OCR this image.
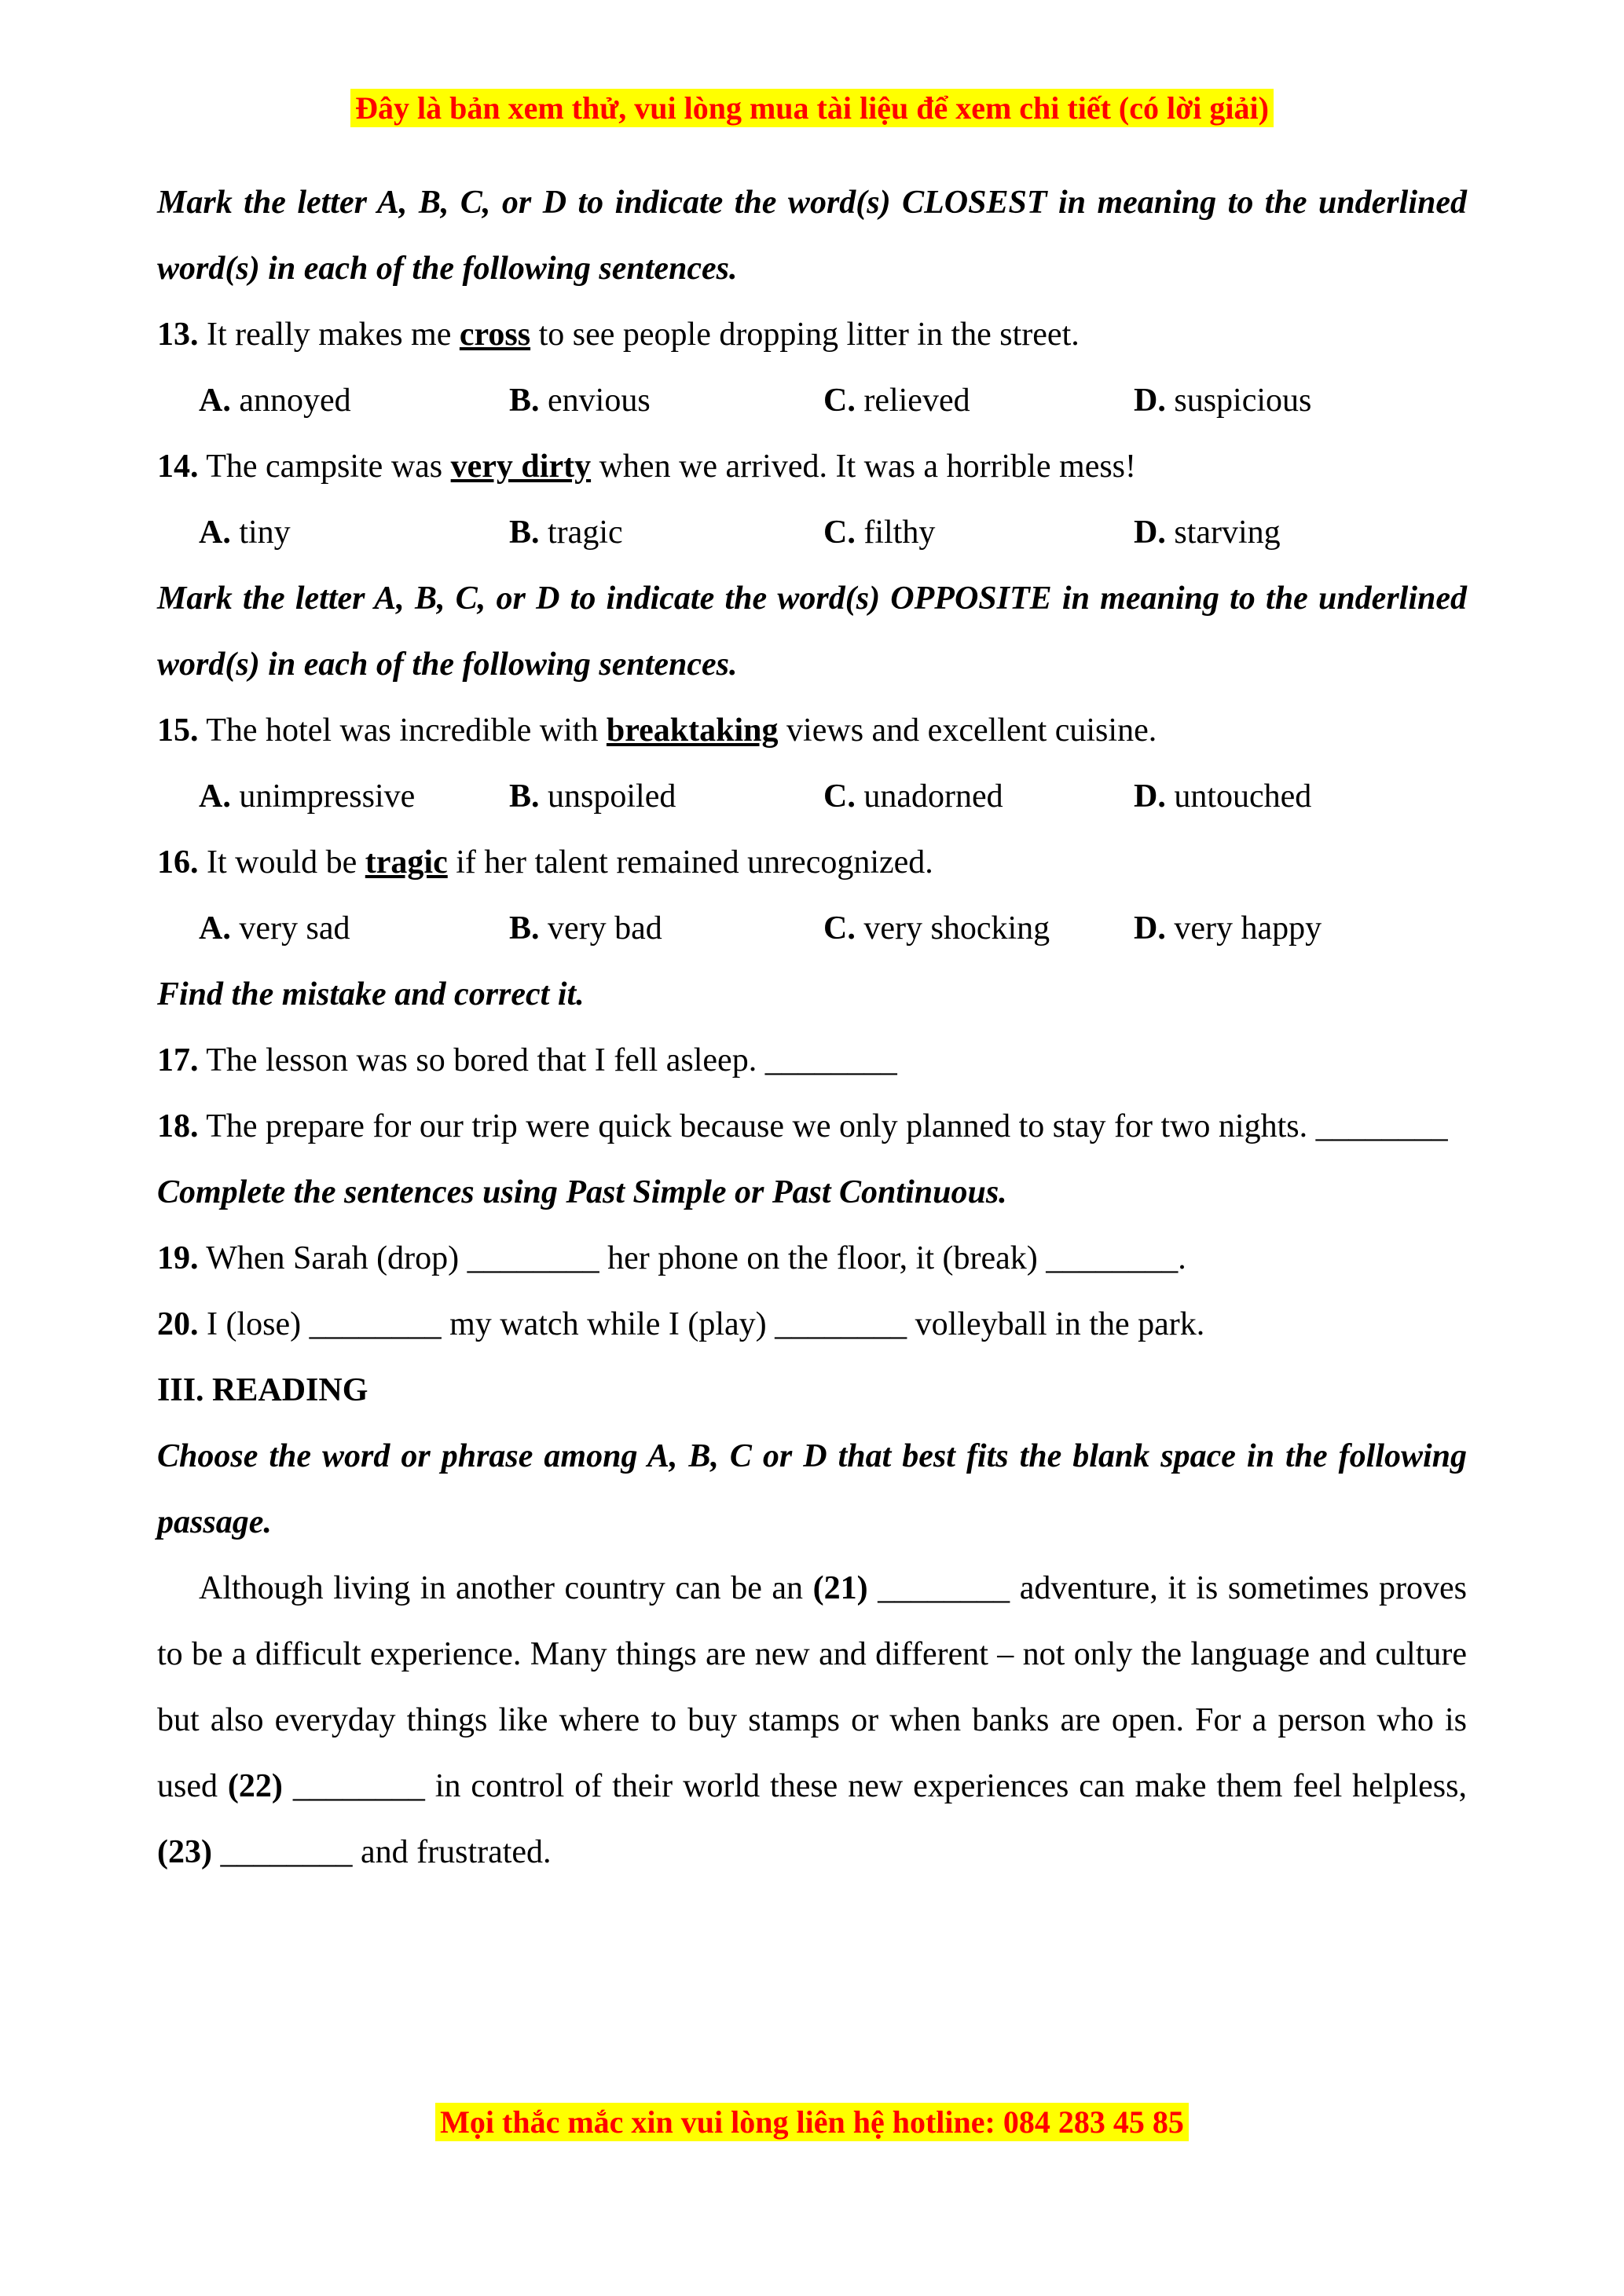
Đây là bản xem thử, vui lòng mua tài liệu để xem chi tiết (có lời giải)

Mark the letter A, B, C, or D to indicate the word(s) CLOSEST in meaning to the underlined word(s) in each of the following sentences.

13. It really makes me cross to see people dropping litter in the street.

A. annoyed	B. envious	C. relieved	D. suspicious

14. The campsite was very dirty when we arrived. It was a horrible mess!

A. tiny	B. tragic	C. filthy	D. starving

Mark the letter A, B, C, or D to indicate the word(s) OPPOSITE in meaning to the underlined word(s) in each of the following sentences.

15. The hotel was incredible with breaktaking views and excellent cuisine.

A. unimpressive	B. unspoiled	C. unadorned	D. untouched

16. It would be tragic if her talent remained unrecognized.

A. very sad	B. very bad	C. very shocking	D. very happy

Find the mistake and correct it.

17. The lesson was so bored that I fell asleep. ________

18. The prepare for our trip were quick because we only planned to stay for two nights. ________

Complete the sentences using Past Simple or Past Continuous.

19. When Sarah (drop) ________ her phone on the floor, it (break) ________.

20. I (lose) ________ my watch while I (play) ________ volleyball in the park.

III. READING

Choose the word or phrase among A, B, C or D that best fits the blank space in the following passage.

Although living in another country can be an (21) ________ adventure, it is sometimes proves to be a difficult experience. Many things are new and different – not only the language and culture but also everyday things like where to buy stamps or when banks are open. For a person who is used (22) ________ in control of their world these new experiences can make them feel helpless, (23) ________ and frustrated.

Mọi thắc mắc xin vui lòng liên hệ hotline: 084 283 45 85
